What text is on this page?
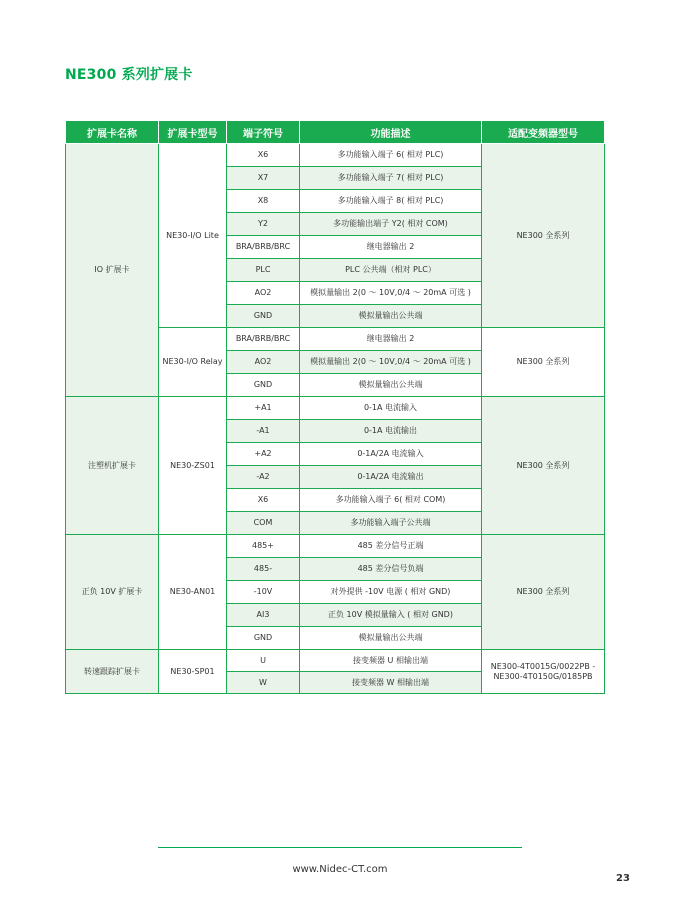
NE300 系列扩展卡
扩展卡名称	扩展卡型号	端子符号	功能描述	适配变频器型号
IO 扩展卡	NE30-I/O Lite	X6	多功能输入端子 6( 相对 PLC)	NE300 全系列
		X7	多功能输入端子 7( 相对 PLC)	
		X8	多功能输入端子 8( 相对 PLC)	
		Y2	多功能输出端子 Y2( 相对 COM)	
		BRA/BRB/BRC	继电器输出 2	
		PLC	PLC 公共端（相对 PLC）	
		AO2	模拟量输出 2(0 ～ 10V,0/4 ～ 20mA 可选 )	
		GND	模拟量输出公共端	
	NE30-I/O Relay	BRA/BRB/BRC	继电器输出 2	NE300 全系列
		AO2	模拟量输出 2(0 ～ 10V,0/4 ～ 20mA 可选 )	
		GND	模拟量输出公共端	
注塑机扩展卡	NE30-ZS01	+A1	0-1A 电流输入	NE300 全系列
		-A1	0-1A 电流输出	
		+A2	0-1A/2A 电流输入	
		-A2	0-1A/2A 电流输出	
		X6	多功能输入端子 6( 相对 COM)	
		COM	多功能输入端子公共端	
正负 10V 扩展卡	NE30-AN01	485+	485 差分信号正端	NE300 全系列
		485-	485 差分信号负端	
		-10V	对外提供 -10V 电源 ( 相对 GND)	
		AI3	正负 10V 模拟量输入 ( 相对 GND)	
		GND	模拟量输出公共端	
转速跟踪扩展卡	NE30-SP01	U	接变频器 U 相输出端	NE300-4T0015G/0022PB - NE300-4T0150G/0185PB
		W	接变频器 W 相输出端	
www.Nidec-CT.com
23
